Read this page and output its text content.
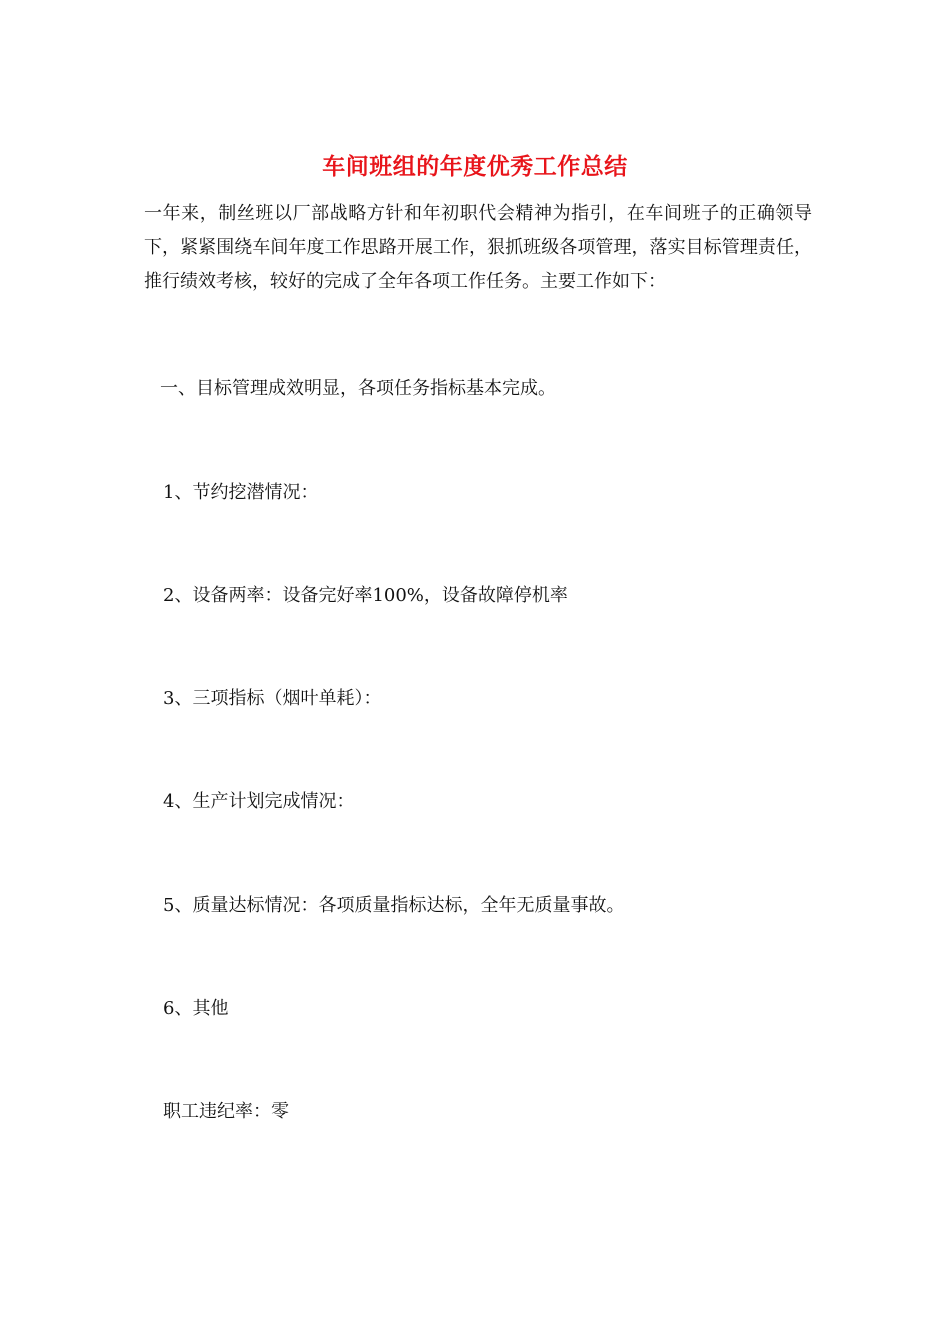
车间班组的年度优秀工作总结

一年来，制丝班以厂部战略方针和年初职代会精神为指引，在车间班子的正确领导下，紧紧围绕车间年度工作思路开展工作，狠抓班级各项管理，落实目标管理责任，推行绩效考核，较好的完成了全年各项工作任务。主要工作如下：

一、目标管理成效明显，各项任务指标基本完成。

1、节约挖潜情况：

2、设备两率：设备完好率100%，设备故障停机率

3、三项指标（烟叶单耗）：

4、生产计划完成情况：

5、质量达标情况：各项质量指标达标，全年无质量事故。

6、其他

职工违纪率：零
